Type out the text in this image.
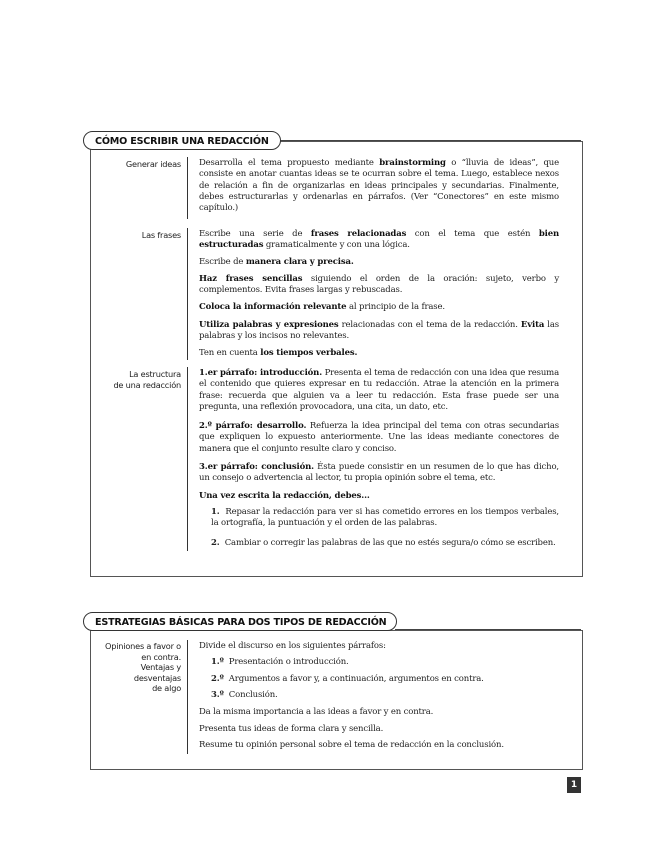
CÓMO ESCRIBIR UNA REDACCIÓN
Generar ideas Desarrolla el tema propuesto mediante brainstorming o “lluvia de ideas”, que consiste en anotar cuantas ideas se te ocurran sobre el tema. Luego, establece nexos de relación a fin de organizarlas en ideas principales y secundarias. Finalmente, debes estructurarlas y ordenarlas en párrafos. (Ver “Conectores” en este mismo capítulo.)
Las frases Escribe una serie de frases relacionadas con el tema que estén bien estructuradas gramaticalmente y con una lógica.
Escribe de manera clara y precisa.
Haz frases sencillas siguiendo el orden de la oración: sujeto, verbo y complementos. Evita frases largas y rebuscadas.
Coloca la información relevante al principio de la frase.
Utiliza palabras y expresiones relacionadas con el tema de la redacción. Evita las palabras y los incisos no relevantes.
Ten en cuenta los tiempos verbales.
La estructura
de una redacción
1.er párrafo: introducción. Presenta el tema de redacción con una idea que resuma el contenido que quieres expresar en tu redacción. Atrae la atención en la primera frase: recuerda que alguien va a leer tu redacción. Esta frase puede ser una pregunta, una reflexión provocadora, una cita, un dato, etc.
2.º párrafo: desarrollo. Refuerza la idea principal del tema con otras secundarias que expliquen lo expuesto anteriormente. Une las ideas mediante conectores de manera que el conjunto resulte claro y conciso.
3.er párrafo: conclusión. Ésta puede consistir en un resumen de lo que has dicho, un consejo o advertencia al lector, tu propia opinión sobre el tema, etc.
Una vez escrita la redacción, debes...
1. Repasar la redacción para ver si has cometido errores en los tiempos verbales, la ortografía, la puntuación y el orden de las palabras.
2. Cambiar o corregir las palabras de las que no estés segura/o cómo se escriben.
ESTRATEGIAS BÁSICAS PARA DOS TIPOS DE REDACCIÓN
Opiniones a favor o
en contra.
Ventajas y
desventajas
de algo
Divide el discurso en los siguientes párrafos:
1.º Presentación o introducción.
2.º Argumentos a favor y, a continuación, argumentos en contra.
3.º Conclusión.
Da la misma importancia a las ideas a favor y en contra.
Presenta tus ideas de forma clara y sencilla.
Resume tu opinión personal sobre el tema de redacción en la conclusión.
1
